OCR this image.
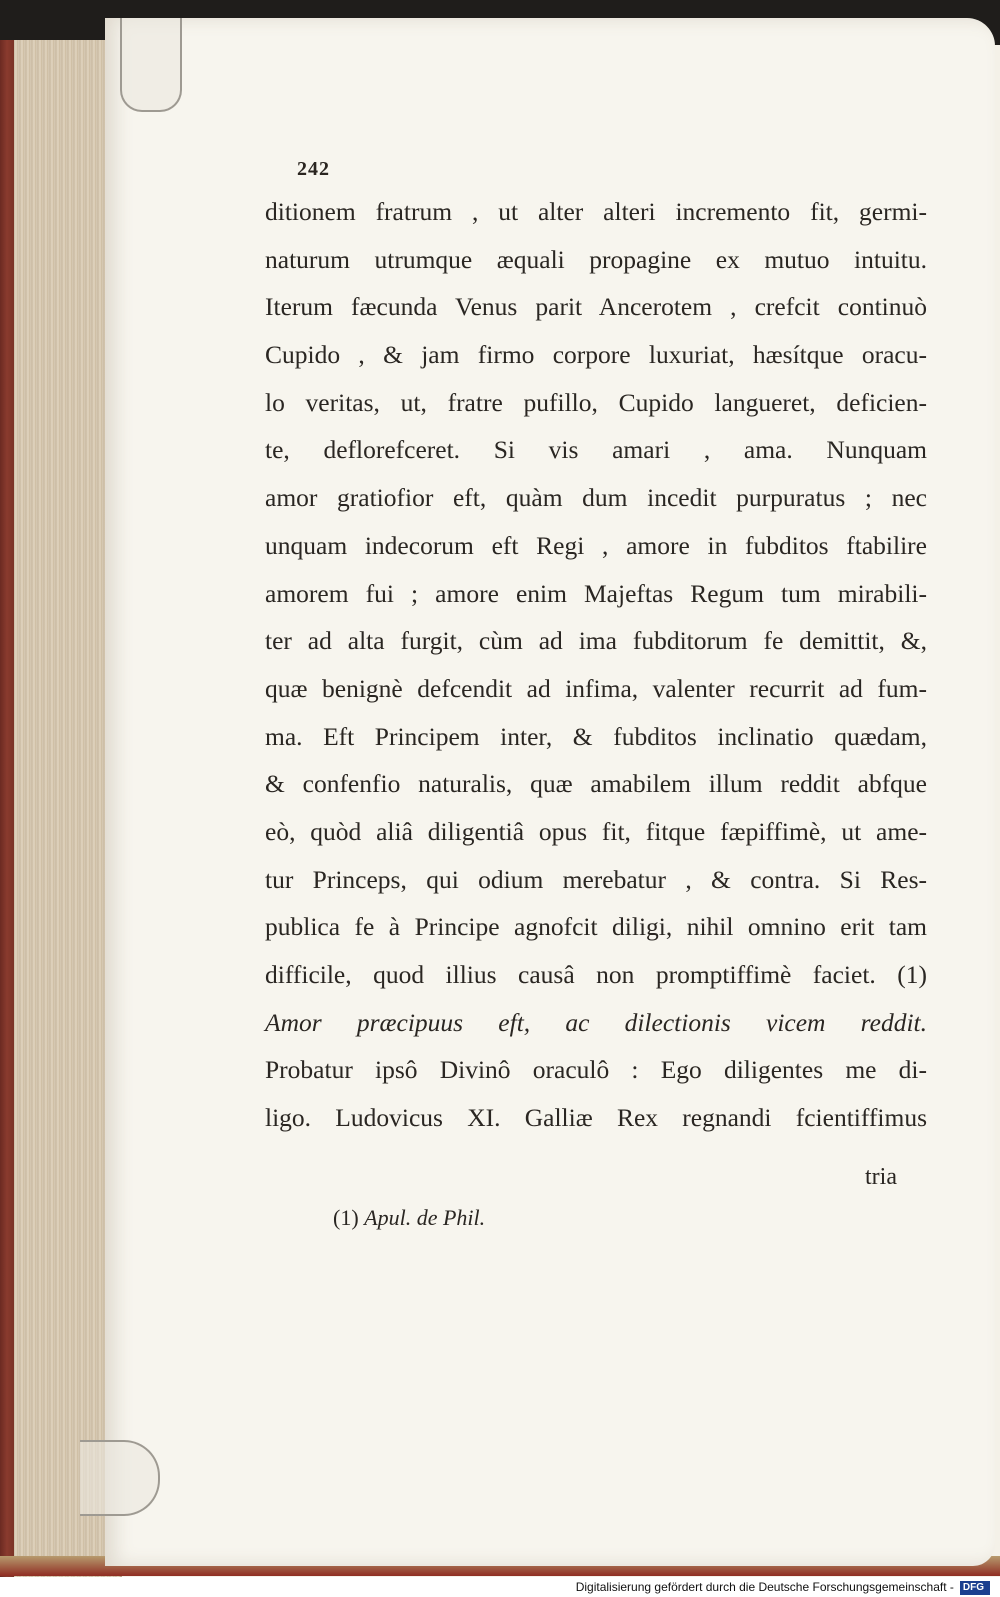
242
ditionem fratrum , ut alter alteri incremento fit, germi-
naturum utrumque æquali propagine ex mutuo intuitu.
Iterum fæcunda Venus parit Ancerotem , crefcit continuò
Cupido , & jam firmo corpore luxuriat, hæsítque oracu-
lo veritas, ut, fratre pufillo, Cupido langueret, deficien-
te, deflorefceret. Si vis amari , ama. Nunquam
amor gratiofior eft, quàm dum incedit purpuratus ; nec
unquam indecorum eft Regi , amore in fubditos ftabilire
amorem fui ; amore enim Majeftas Regum tum mirabili-
ter ad alta furgit, cùm ad ima fubditorum fe demittit, &,
quæ benignè defcendit ad infima, valenter recurrit ad fum-
ma. Eft Principem inter, & fubditos inclinatio quædam,
& confenfio naturalis, quæ amabilem illum reddit abfque
eò, quòd aliâ diligentiâ opus fit, fitque fæpiffimè, ut ame-
tur Princeps, qui odium merebatur , & contra. Si Res-
publica fe à Principe agnofcit diligi, nihil omnino erit tam
difficile, quod illius causâ non promptiffimè faciet. (1)
Amor præcipuus eft, ac dilectionis vicem reddit.
Probatur ipsô Divinô oraculô : Ego diligentes me di-
ligo. Ludovicus XI. Galliæ Rex regnandi fcientiffimus
tria
(1) Apul. de Phil.
Digitalisierung gefördert durch die Deutsche Forschungsgemeinschaft - DFG
